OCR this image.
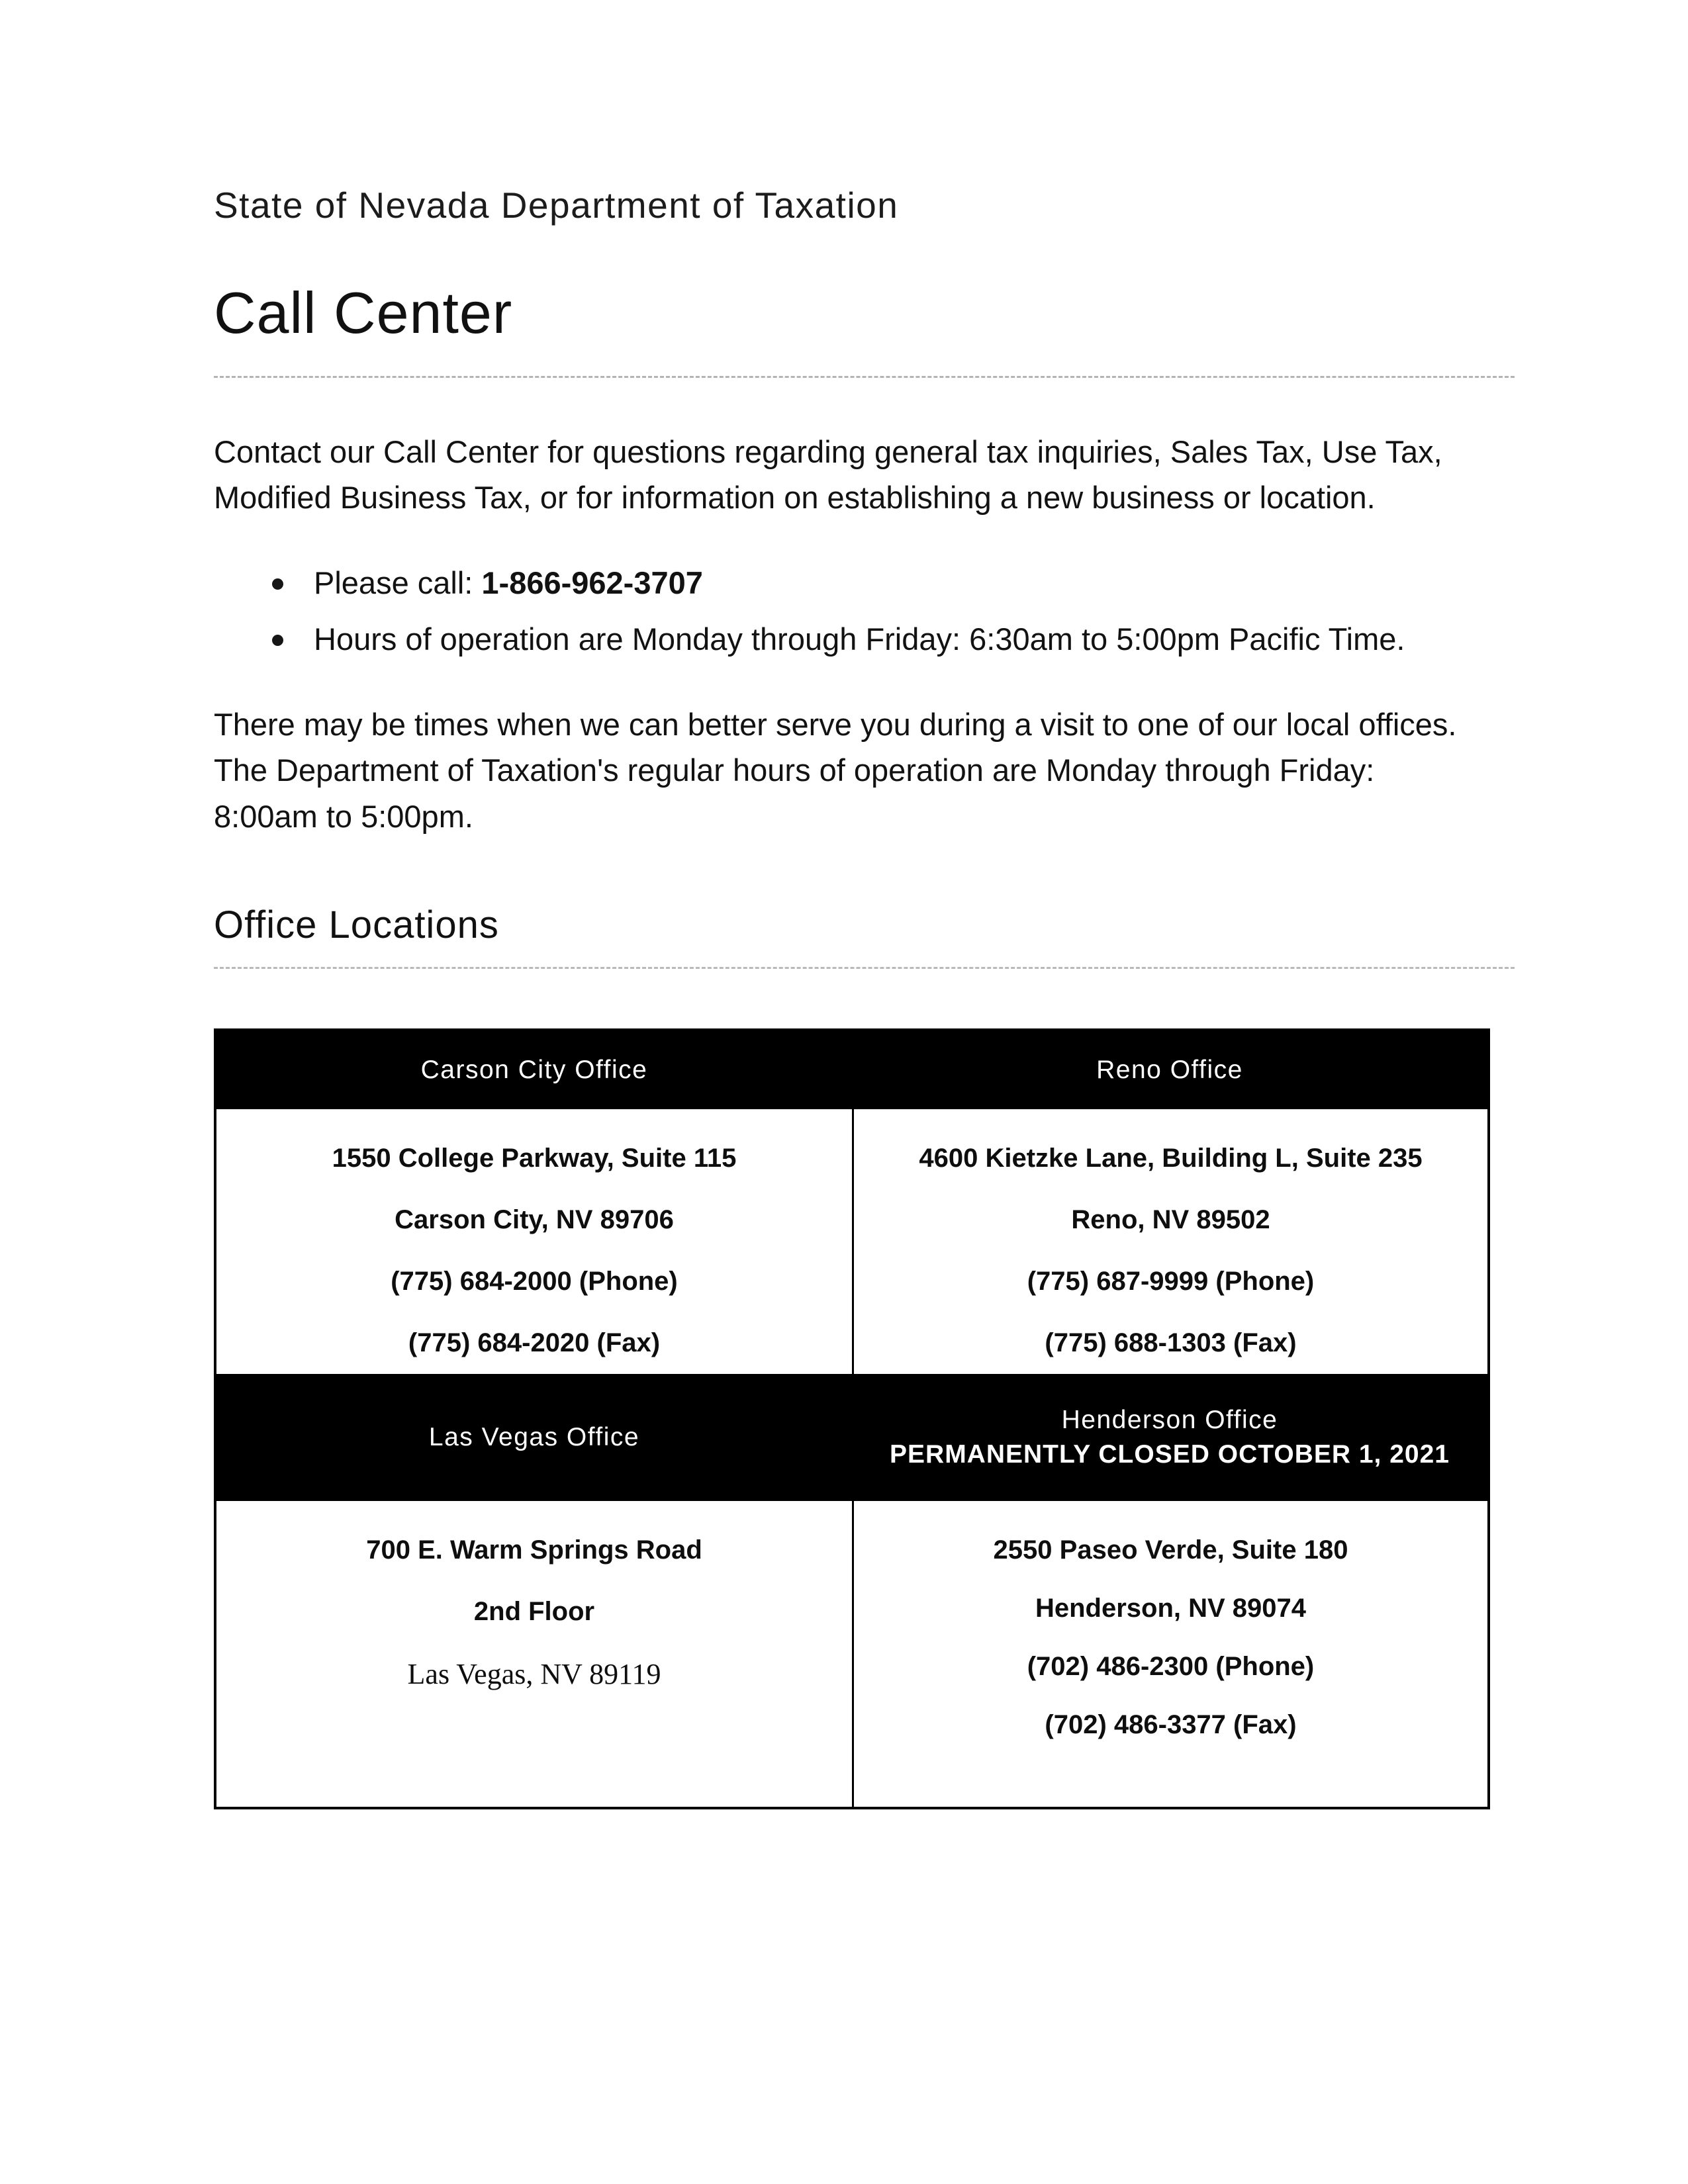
State of Nevada Department of Taxation
Call Center

Contact our Call Center for questions regarding general tax inquiries, Sales Tax, Use Tax, Modified Business Tax, or for information on establishing a new business or location.

Please call: 1-866-962-3707
Hours of operation are Monday through Friday: 6:30am to 5:00pm Pacific Time.

There may be times when we can better serve you during a visit to one of our local offices. The Department of Taxation's regular hours of operation are Monday through Friday: 8:00am to 5:00pm.

Office Locations
Carson City Office	Reno Office
1550 College Parkway, Suite 115
Carson City, NV 89706
(775) 684-2000 (Phone)
(775) 684-2020 (Fax)
4600 Kietzke Lane, Building L, Suite 235
Reno, NV 89502
(775) 687-9999 (Phone)
(775) 688-1303 (Fax)
Las Vegas Office
Henderson Office
PERMANENTLY CLOSED OCTOBER 1, 2021
700 E. Warm Springs Road
2nd Floor
Las Vegas, NV 89119
2550 Paseo Verde, Suite 180
Henderson, NV 89074
(702) 486-2300 (Phone)
(702) 486-3377 (Fax)
